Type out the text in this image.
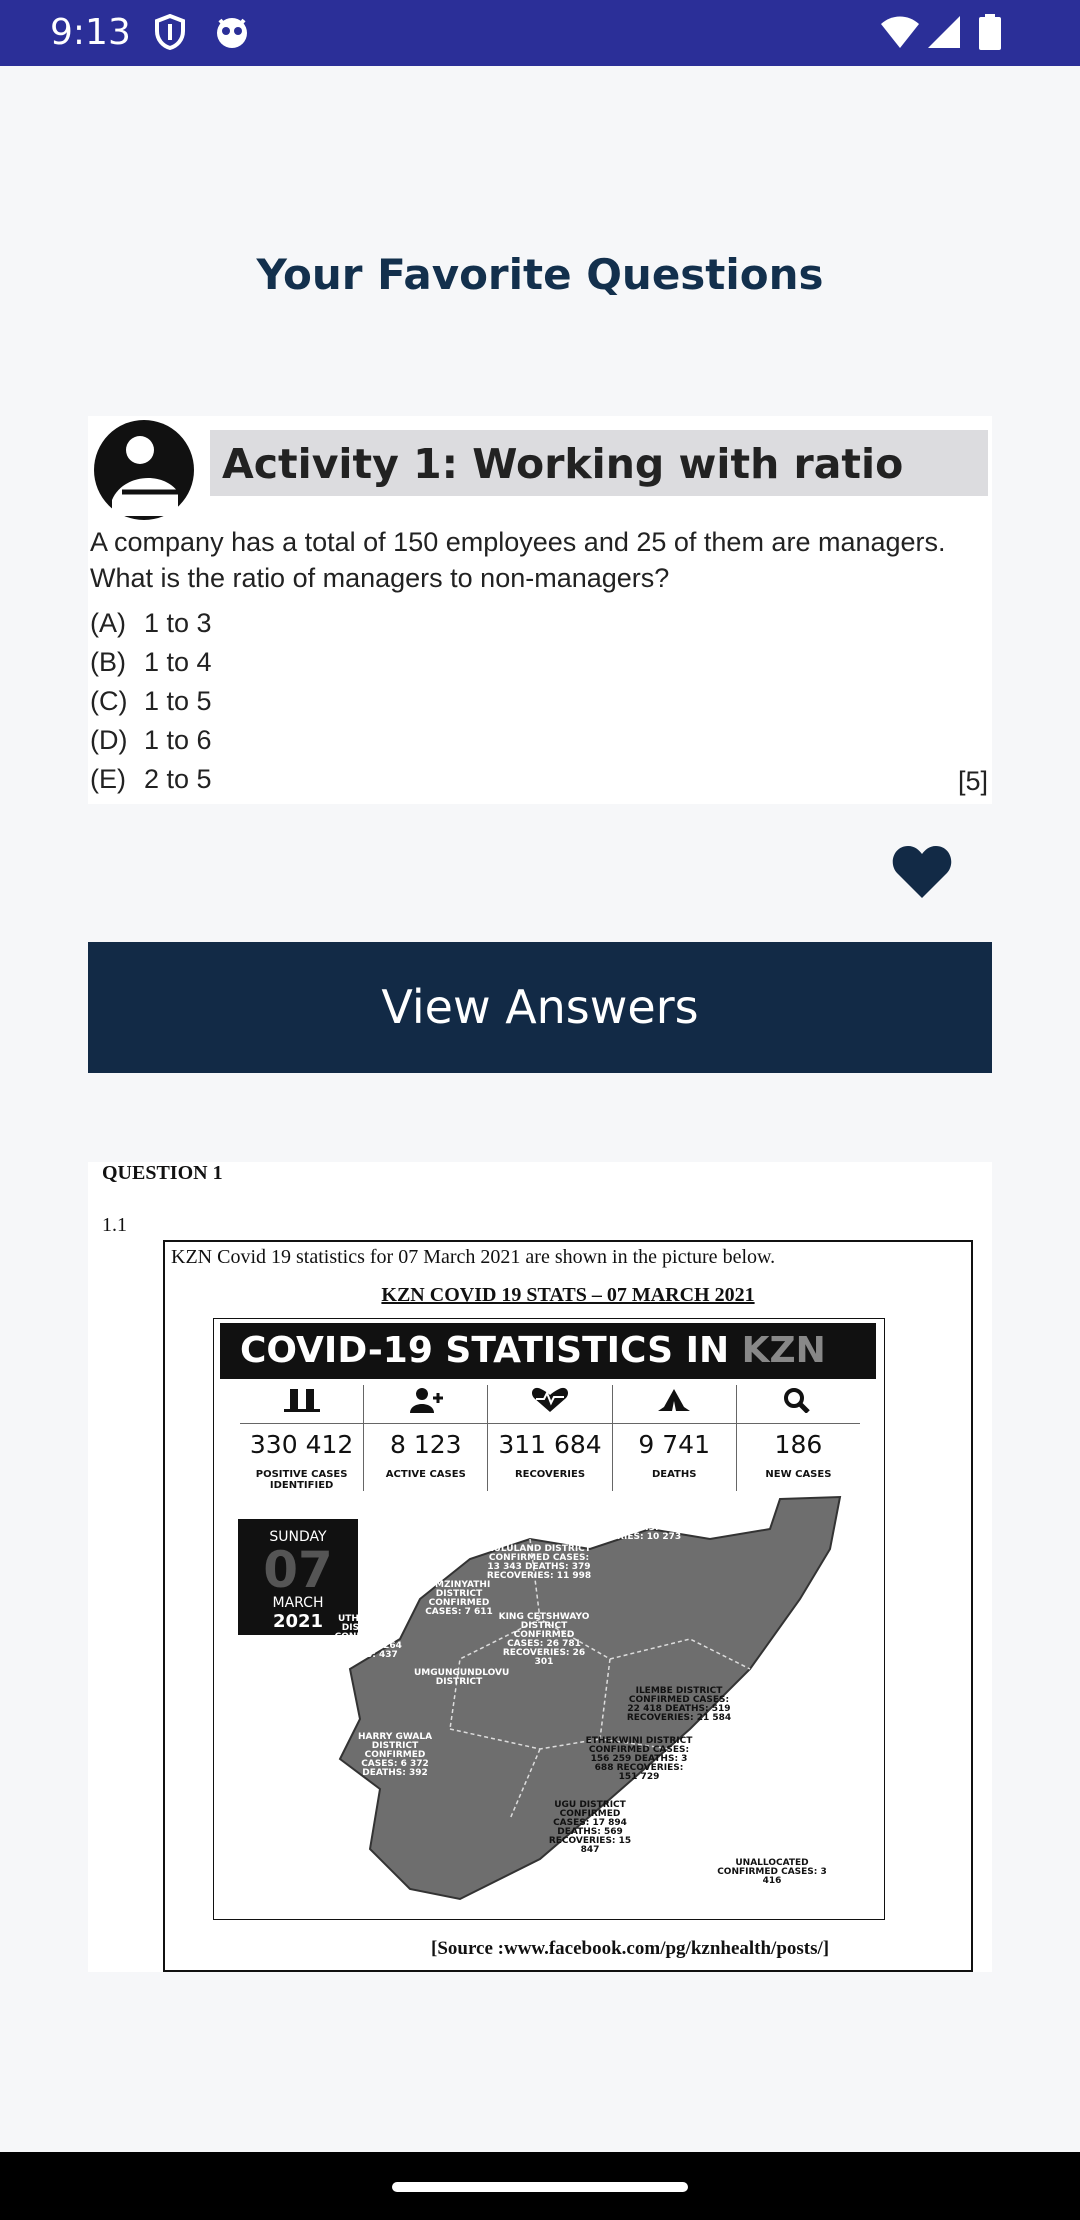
9:13
Your Favorite Questions
Activity 1: Working with ratio
A company has a total of 150 employees and 25 of them are managers. What is the ratio of managers to non-managers?
(A) 1 to 3
(B) 1 to 4
(C) 1 to 5
(D) 1 to 6
(E) 2 to 5	[5]
View Answers
QUESTION 1
1.1
KZN Covid 19 statistics for 07 March 2021 are shown in the picture below.
KZN COVID 19 STATS – 07 MARCH 2021
COVID-19 STATISTICS IN KZN
330 412
POSITIVE CASES IDENTIFIED
8 123
ACTIVE CASES
311 684
RECOVERIES
9 741
DEATHS
186
NEW CASES
SUNDAY
07
MARCH
2021
UMKHANYAKUDE DISTRICT
CONFIRMED CASES: 10 737 DEATHS: 404 RECOVERIES: 10 273
AMAJUBA DISTRICT
CONFIRMED CASES: 11 880
ZULULAND DISTRICT
CONFIRMED CASES: 13 343 DEATHS: 379 RECOVERIES: 11 998
UMZINYATHI DISTRICT
CONFIRMED CASES: 7 611
UTHUKELA DISTRICT
CONFIRMED CASES: 12 264 DEATHS: 437
KING CETSHWAYO DISTRICT
CONFIRMED CASES: 26 781 RECOVERIES: 26 301
ILEMBE DISTRICT
CONFIRMED CASES: 22 418 DEATHS: 519 RECOVERIES: 21 584
UMGUNGUNDLOVU DISTRICT

ETHEKWINI DISTRICT
CONFIRMED CASES: 156 259 DEATHS: 3 688 RECOVERIES: 151 729
HARRY GWALA DISTRICT
CONFIRMED CASES: 6 372 DEATHS: 392
UGU DISTRICT
CONFIRMED CASES: 17 894 DEATHS: 569 RECOVERIES: 15 847
UNALLOCATED
CONFIRMED CASES: 3 416
[Source :www.facebook.com/pg/kznhealth/posts/]
